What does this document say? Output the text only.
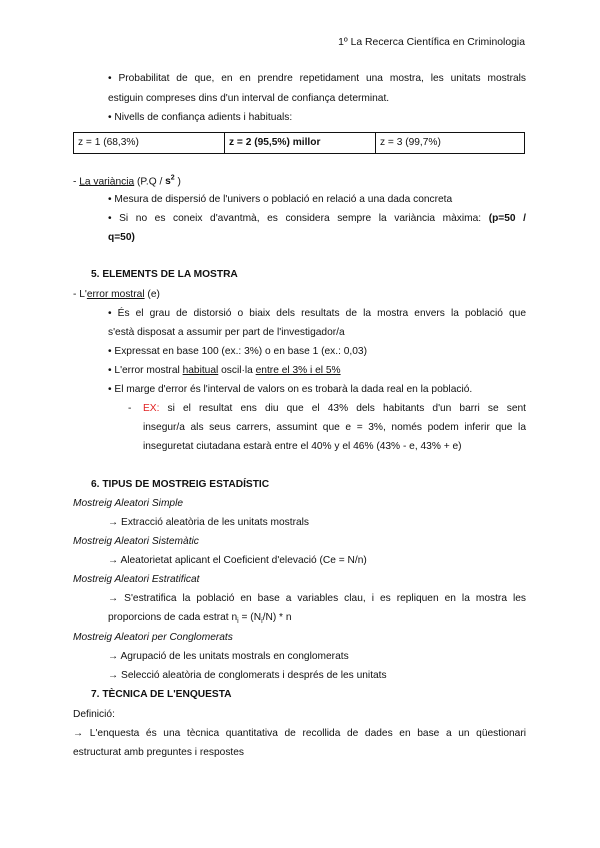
1º La Recerca Científica en Criminologia
• Probabilitat de que, en en prendre repetidament una mostra, les unitats mostrals
estiguin compreses dins d'un interval de confiança determinat.
• Nivells de confiança adients i habituals:
z = 1 (68,3%)	z = 2 (95,5%) millor	z = 3 (99,7%)
- La variància ($P.Q / s^2$ )
• Mesura de dispersió de l'univers o població en relació a una dada concreta
• Si no es coneix d'avantmà, es considera sempre la variància màxima: (p=50 /
q=50)
5. ELEMENTS DE LA MOSTRA
- L'error mostral (e)
• És el grau de distorsió o biaix dels resultats de la mostra envers la població que
s'està disposat a assumir per part de l'investigador/a
• Expressat en base 100 (ex.: 3%) o en base 1 (ex.: 0,03)
• L'error mostral habitual oscil·la entre el 3% i el 5%
• El marge d'error és l'interval de valors on es trobarà la dada real en la població.
- EX: si el resultat ens diu que el 43% dels habitants d'un barri se sent
insegur/a als seus carrers, assumint que e = 3%, només podem inferir que la
inseguretat ciutadana estarà entre el 40% y el 46% (43% - e, 43% + e)
6. TIPUS DE MOSTREIG ESTADÍSTIC
Mostreig Aleatori Simple
→ Extracció aleatòria de les unitats mostrals
Mostreig Aleatori Sistemàtic
→ Aleatorietat aplicant el Coeficient d'elevació (Ce = N/n)
Mostreig Aleatori Estratificat
→ S'estratifica la població en base a variables clau, i es repliquen en la mostra les
proporcions de cada estrat $n_i = (N_i/N) * n$
Mostreig Aleatori per Conglomerats
→ Agrupació de les unitats mostrals en conglomerats
→ Selecció aleatòria de conglomerats i després de les unitats
7. TÈCNICA DE L'ENQUESTA
Definició:
→ L'enquesta és una tècnica quantitativa de recollida de dades en base a un qüestionari
estructurat amb preguntes i respostes
